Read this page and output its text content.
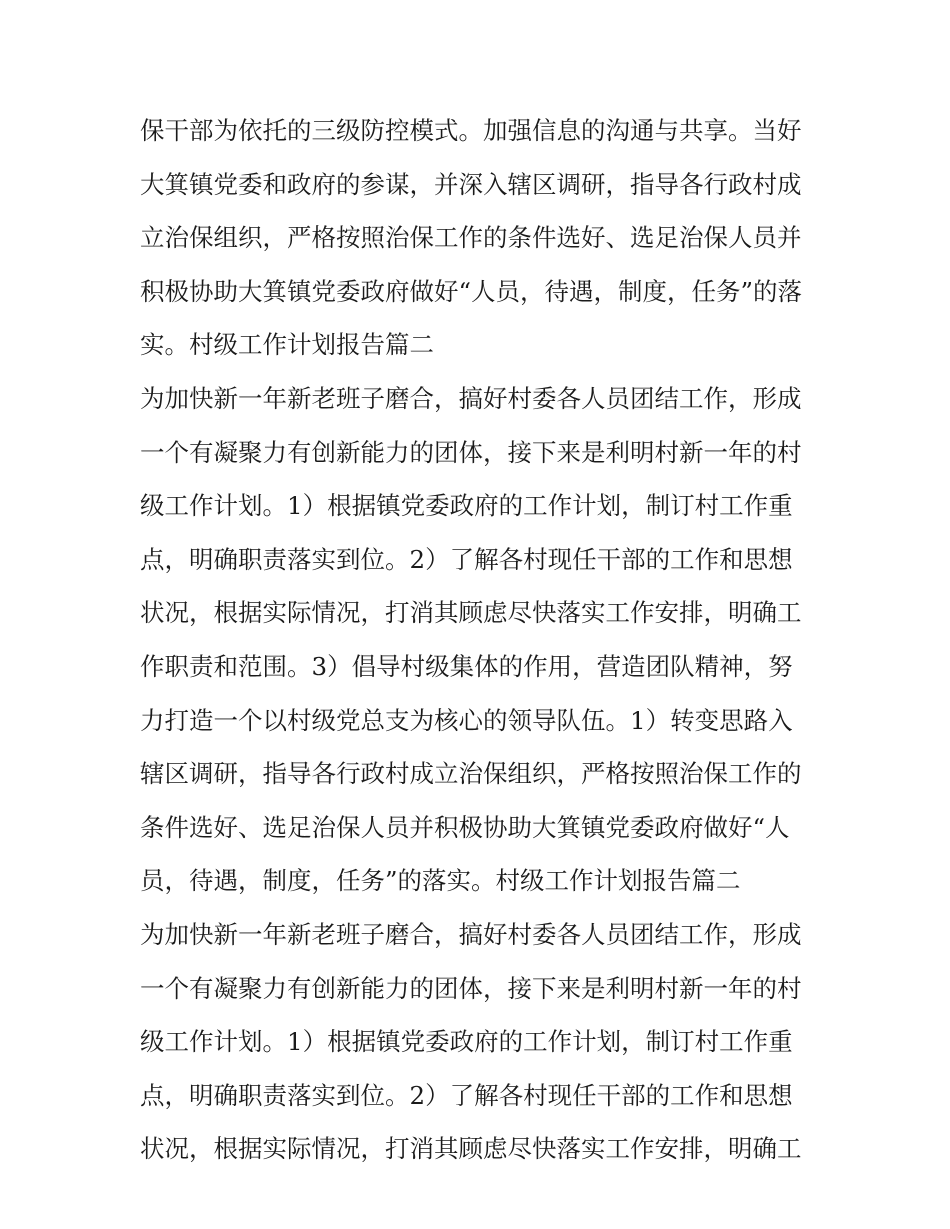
保干部为依托的三级防控模式。加强信息的沟通与共享。当好
大箕镇党委和政府的参谋，并深入辖区调研，指导各行政村成
立治保组织，严格按照治保工作的条件选好、选足治保人员并
积极协助大箕镇党委政府做好“人员，待遇，制度，任务”的落
实。村级工作计划报告篇二
为加快新一年新老班子磨合，搞好村委各人员团结工作，形成
一个有凝聚力有创新能力的团体，接下来是利明村新一年的村
级工作计划。1）根据镇党委政府的工作计划，制订村工作重
点，明确职责落实到位。2）了解各村现任干部的工作和思想
状况，根据实际情况，打消其顾虑尽快落实工作安排，明确工
作职责和范围。3）倡导村级集体的作用，营造团队精神，努
力打造一个以村级党总支为核心的领导队伍。1）转变思路入
辖区调研，指导各行政村成立治保组织，严格按照治保工作的
条件选好、选足治保人员并积极协助大箕镇党委政府做好“人
员，待遇，制度，任务”的落实。村级工作计划报告篇二
为加快新一年新老班子磨合，搞好村委各人员团结工作，形成
一个有凝聚力有创新能力的团体，接下来是利明村新一年的村
级工作计划。1）根据镇党委政府的工作计划，制订村工作重
点，明确职责落实到位。2）了解各村现任干部的工作和思想
状况，根据实际情况，打消其顾虑尽快落实工作安排，明确工
